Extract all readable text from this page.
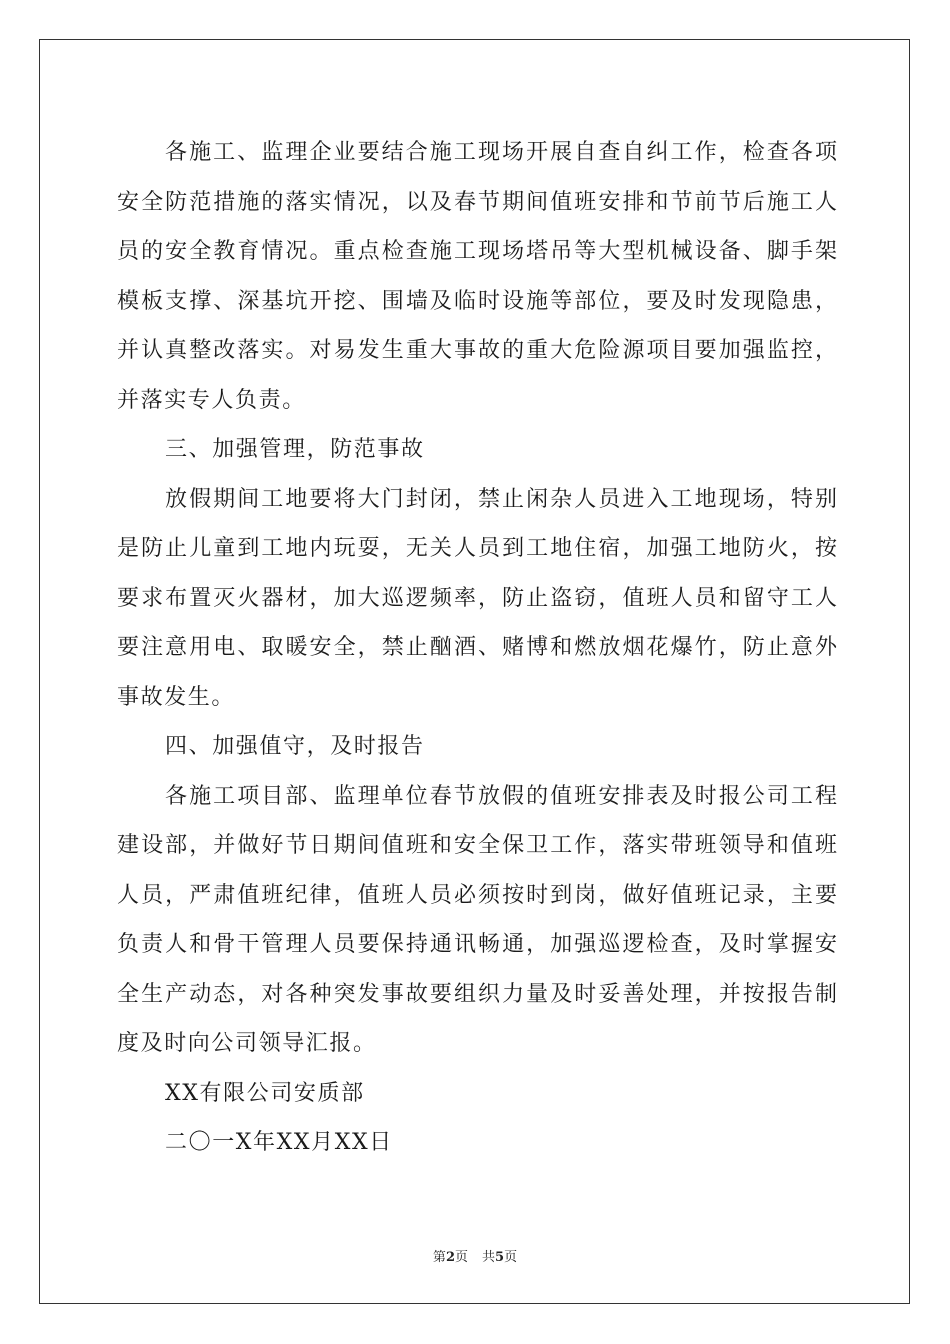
各施工、监理企业要结合施工现场开展自查自纠工作，检查各项
安全防范措施的落实情况，以及春节期间值班安排和节前节后施工人
员的安全教育情况。重点检查施工现场塔吊等大型机械设备、脚手架
模板支撑、深基坑开挖、围墙及临时设施等部位，要及时发现隐患，
并认真整改落实。对易发生重大事故的重大危险源项目要加强监控，
并落实专人负责。
三、加强管理，防范事故
放假期间工地要将大门封闭，禁止闲杂人员进入工地现场，特别
是防止儿童到工地内玩耍，无关人员到工地住宿，加强工地防火，按
要求布置灭火器材，加大巡逻频率，防止盗窃，值班人员和留守工人
要注意用电、取暖安全，禁止酗酒、赌博和燃放烟花爆竹，防止意外
事故发生。
四、加强值守，及时报告
各施工项目部、监理单位春节放假的值班安排表及时报公司工程
建设部，并做好节日期间值班和安全保卫工作，落实带班领导和值班
人员，严肃值班纪律，值班人员必须按时到岗，做好值班记录，主要
负责人和骨干管理人员要保持通讯畅通，加强巡逻检查，及时掌握安
全生产动态，对各种突发事故要组织力量及时妥善处理，并按报告制
度及时向公司领导汇报。
XX有限公司安质部
二〇一X年XX月XX日
第2页 共5页
